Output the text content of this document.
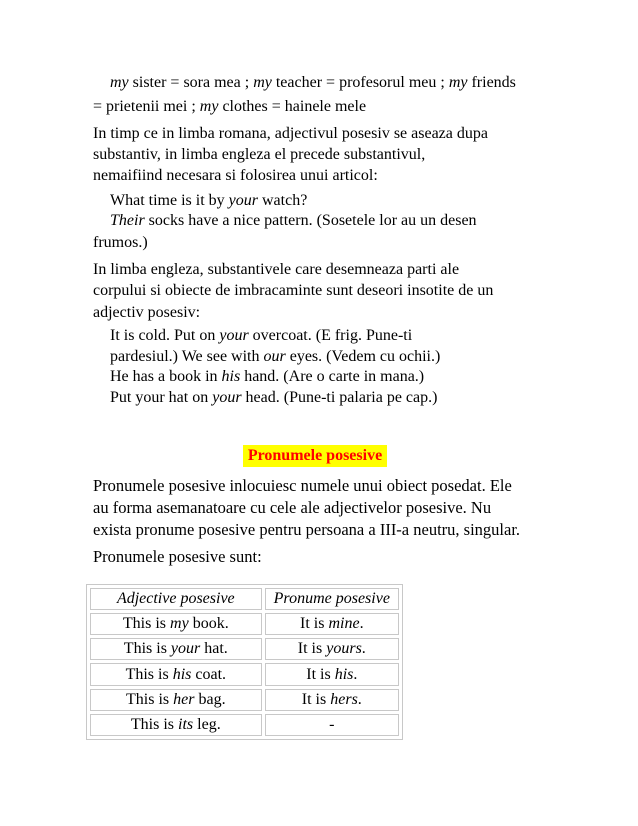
my sister = sora mea ; my teacher = profesorul meu ; my friends
= prietenii mei ; my clothes = hainele mele
In timp ce in limba romana, adjectivul posesiv se aseaza dupa
substantiv, in limba engleza el precede substantivul,
nemaifiind necesara si folosirea unui articol:
What time is it by your watch?
Their socks have a nice pattern. (Sosetele lor au un desen
frumos.)
In limba engleza, substantivele care desemneaza parti ale
corpului si obiecte de imbracaminte sunt deseori insotite de un
adjectiv posesiv:
It is cold. Put on your overcoat. (E frig. Pune-ti
pardesiul.) We see with our eyes. (Vedem cu ochii.)
He has a book in his hand. (Are o carte in mana.)
Put your hat on your head. (Pune-ti palaria pe cap.)
Pronumele posesive
Pronumele posesive inlocuiesc numele unui obiect posedat. Ele
au forma asemanatoare cu cele ale adjectivelor posesive. Nu
exista pronume posesive pentru persoana a III-a neutru, singular.
Pronumele posesive sunt:
Adjective posesive	Pronume posesive
This is my book.	It is mine.
This is your hat.	It is yours.
This is his coat.	It is his.
This is her bag.	It is hers.
This is its leg.	-
